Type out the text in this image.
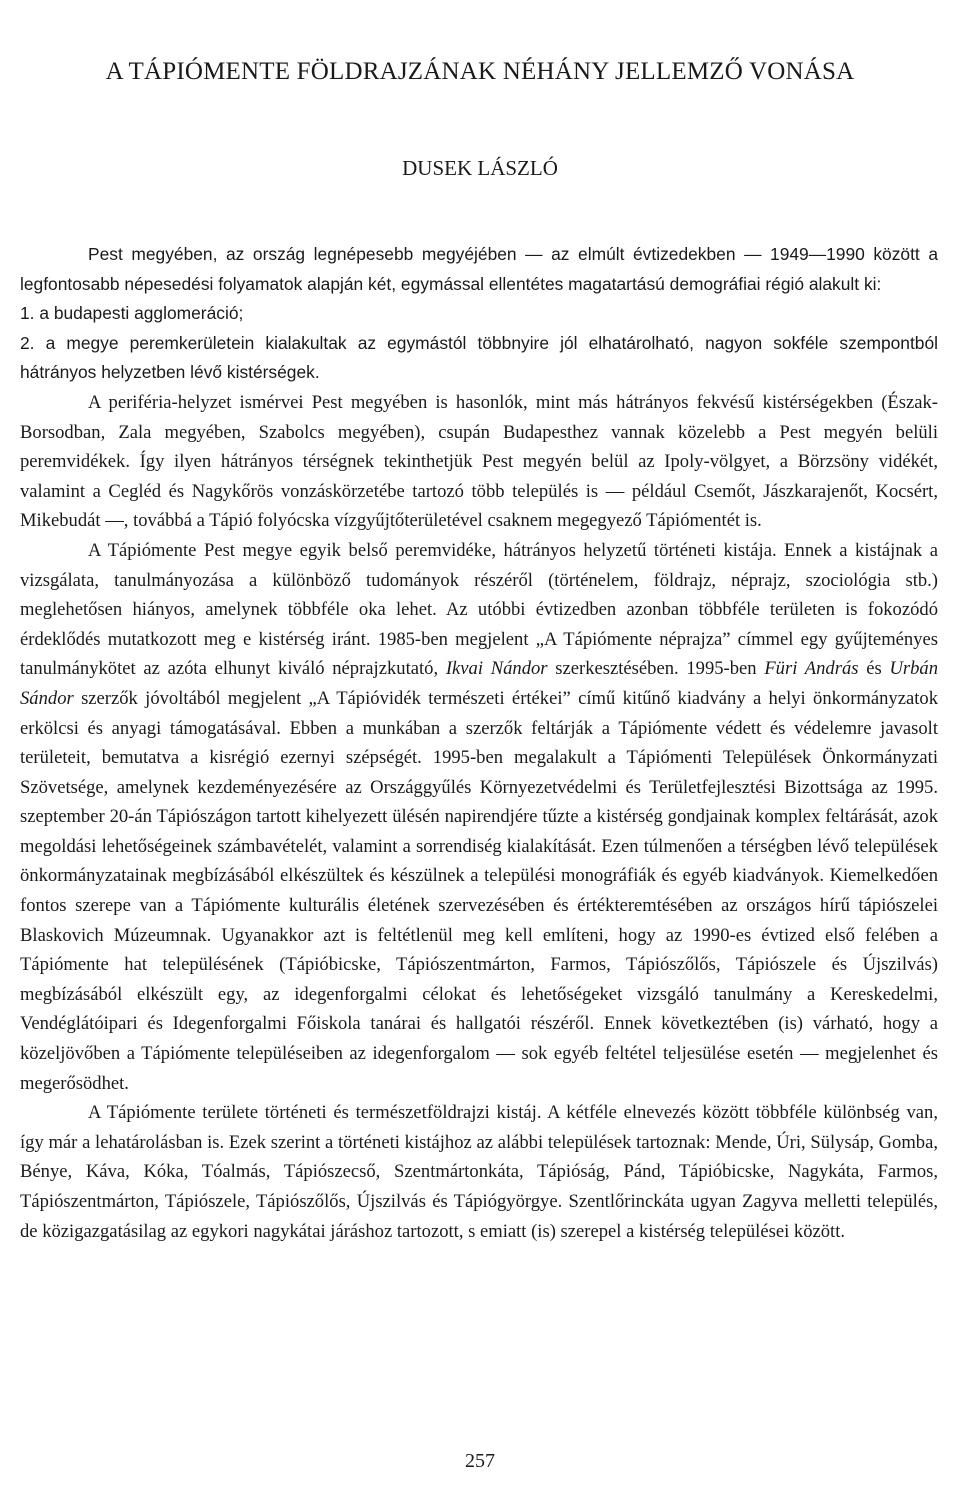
A TÁPIÓMENTE FÖLDRAJZÁNAK NÉHÁNY JELLEMZŐ VONÁSA
DUSEK LÁSZLÓ

Pest megyében, az ország legnépesebb megyéjében — az elmúlt évtizedekben — 1949—1990 között a legfontosabb népesedési folyamatok alapján két, egymással ellentétes magatartású demográfiai régió alakult ki:

1. a budapesti agglomeráció;

2. a megye peremkerületein kialakultak az egymástól többnyire jól elhatárolható, nagyon sokféle szempontból hátrányos helyzetben lévő kistérségek.

A periféria-helyzet ismérvei Pest megyében is hasonlók, mint más hátrányos fekvésű kistérségekben (Észak-Borsodban, Zala megyében, Szabolcs megyében), csupán Budapesthez vannak közelebb a Pest megyén belüli peremvidékek. Így ilyen hátrányos térségnek tekinthetjük Pest megyén belül az Ipoly-völgyet, a Börzsöny vidékét, valamint a Cegléd és Nagykőrös vonzáskörzetébe tartozó több település is — például Csemőt, Jászkarajenőt, Kocsért, Mikebudát —, továbbá a Tápió folyócska vízgyűjtőterületével csaknem megegyező Tápiómentét is.

A Tápiómente Pest megye egyik belső peremvidéke, hátrányos helyzetű történeti kistája. Ennek a kistájnak a vizsgálata, tanulmányozása a különböző tudományok részéről (történelem, földrajz, néprajz, szociológia stb.) meglehetősen hiányos, amelynek többféle oka lehet. Az utóbbi évtizedben azonban többféle területen is fokozódó érdeklődés mutatkozott meg e kistérség iránt. 1985-ben megjelent „A Tápiómente néprajza” címmel egy gyűjteményes tanulmánykötet az azóta elhunyt kiváló néprajzkutató, Ikvai Nándor szerkesztésében. 1995-ben Füri András és Urbán Sándor szerzők jóvoltából megjelent „A Tápióvidék természeti értékei” című kitűnő kiadvány a helyi önkormányzatok erkölcsi és anyagi támogatásával. Ebben a munkában a szerzők feltárják a Tápiómente védett és védelemre javasolt területeit, bemutatva a kisrégió ezernyi szépségét. 1995-ben megalakult a Tápiómenti Települések Önkormányzati Szövetsége, amelynek kezdeményezésére az Országgyűlés Környezetvédelmi és Területfejlesztési Bizottsága az 1995. szeptember 20-án Tápiószágon tartott kihelyezett ülésén napirendjére tűzte a kistérség gondjainak komplex feltárását, azok megoldási lehetőségeinek számbavételét, valamint a sorrendiség kialakítását. Ezen túlmenően a térségben lévő települések önkormányzatainak megbízásából elkészültek és készülnek a települési monográfiák és egyéb kiadványok. Kiemelkedően fontos szerepe van a Tápiómente kulturális életének szervezésében és értékteremtésében az országos hírű tápiószelei Blaskovich Múzeumnak. Ugyanakkor azt is feltétlenül meg kell említeni, hogy az 1990-es évtized első felében a Tápiómente hat településének (Tápióbicske, Tápiószentmárton, Farmos, Tápiószőlős, Tápiószele és Újszilvás) megbízásából elkészült egy, az idegenforgalmi célokat és lehetőségeket vizsgáló tanulmány a Kereskedelmi, Vendéglátóipari és Idegenforgalmi Főiskola tanárai és hallgatói részéről. Ennek következtében (is) várható, hogy a közeljövőben a Tápiómente településeiben az idegenforgalom — sok egyéb feltétel teljesülése esetén — megjelenhet és megerősödhet.

A Tápiómente területe történeti és természetföldrajzi kistáj. A kétféle elnevezés között többféle különbség van, így már a lehatárolásban is. Ezek szerint a történeti kistájhoz az alábbi települések tartoznak: Mende, Úri, Sülysáp, Gomba, Bénye, Káva, Kóka, Tóalmás, Tápiószecső, Szentmártonkáta, Tápióság, Pánd, Tápióbicske, Nagykáta, Farmos, Tápiószentmárton, Tápiószele, Tápiószőlős, Újszilvás és Tápiógyörgye. Szentlőrinckáta ugyan Zagyva melletti település, de közigazgatásilag az egykori nagykátai járáshoz tartozott, s emiatt (is) szerepel a kistérség települései között.

257
